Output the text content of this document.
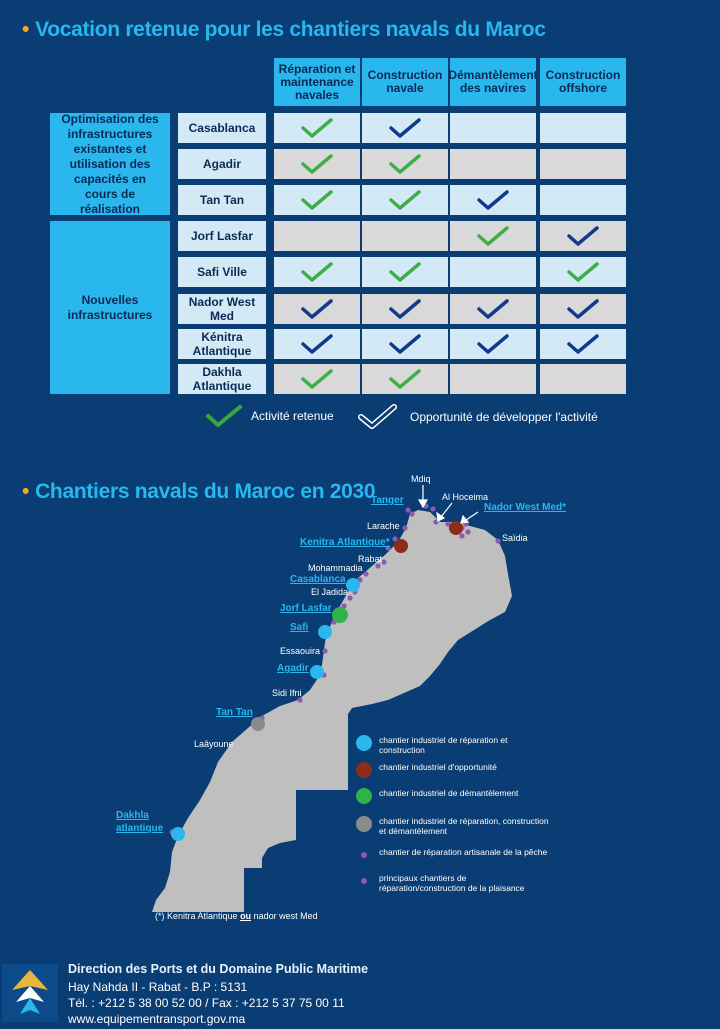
• Vocation retenue pour les chantiers navals du Maroc
Réparation et maintenance navales
Construction navale
Démantèlement des navires
Construction offshore
Optimisation des infrastructures existantes et utilisation des capacités en cours de réalisation
Nouvelles infrastructures
Casablanca
Agadir
Tan Tan
Jorf Lasfar
Safi Ville
Nador West Med
Kénitra Atlantique
Dakhla Atlantique
Activité retenue	Opportunité de développer l'activité
• Chantiers navals du Maroc en 2030
Mdiq
Tanger	Al Hoceima
Nador West Med*
Saïdia
Larache
Kenitra Atlantique*
Rabat
Mohammadia
Casablanca
El Jadida
Jorf Lasfar
Safi
Essaouira
Agadir
Sidi Ifni
Tan Tan
Laâyoune
Dakhla
atlantique
chantier industriel de réparation et construction
chantier industriel d'opportunité
chantier industriel de démantèlement
chantier industriel de réparation, construction et démantèlement
chantier de réparation artisanale de la pêche
principaux chantiers de réparation/construction de la plaisance
(*) Kenitra Atlantique ou nador west Med
Direction des Ports et du Domaine Public Maritime
Hay Nahda II - Rabat - B.P : 5131
Tél. : +212 5 38 00 52 00 / Fax : +212 5 37 75 00 11
www.equipementransport.gov.ma
